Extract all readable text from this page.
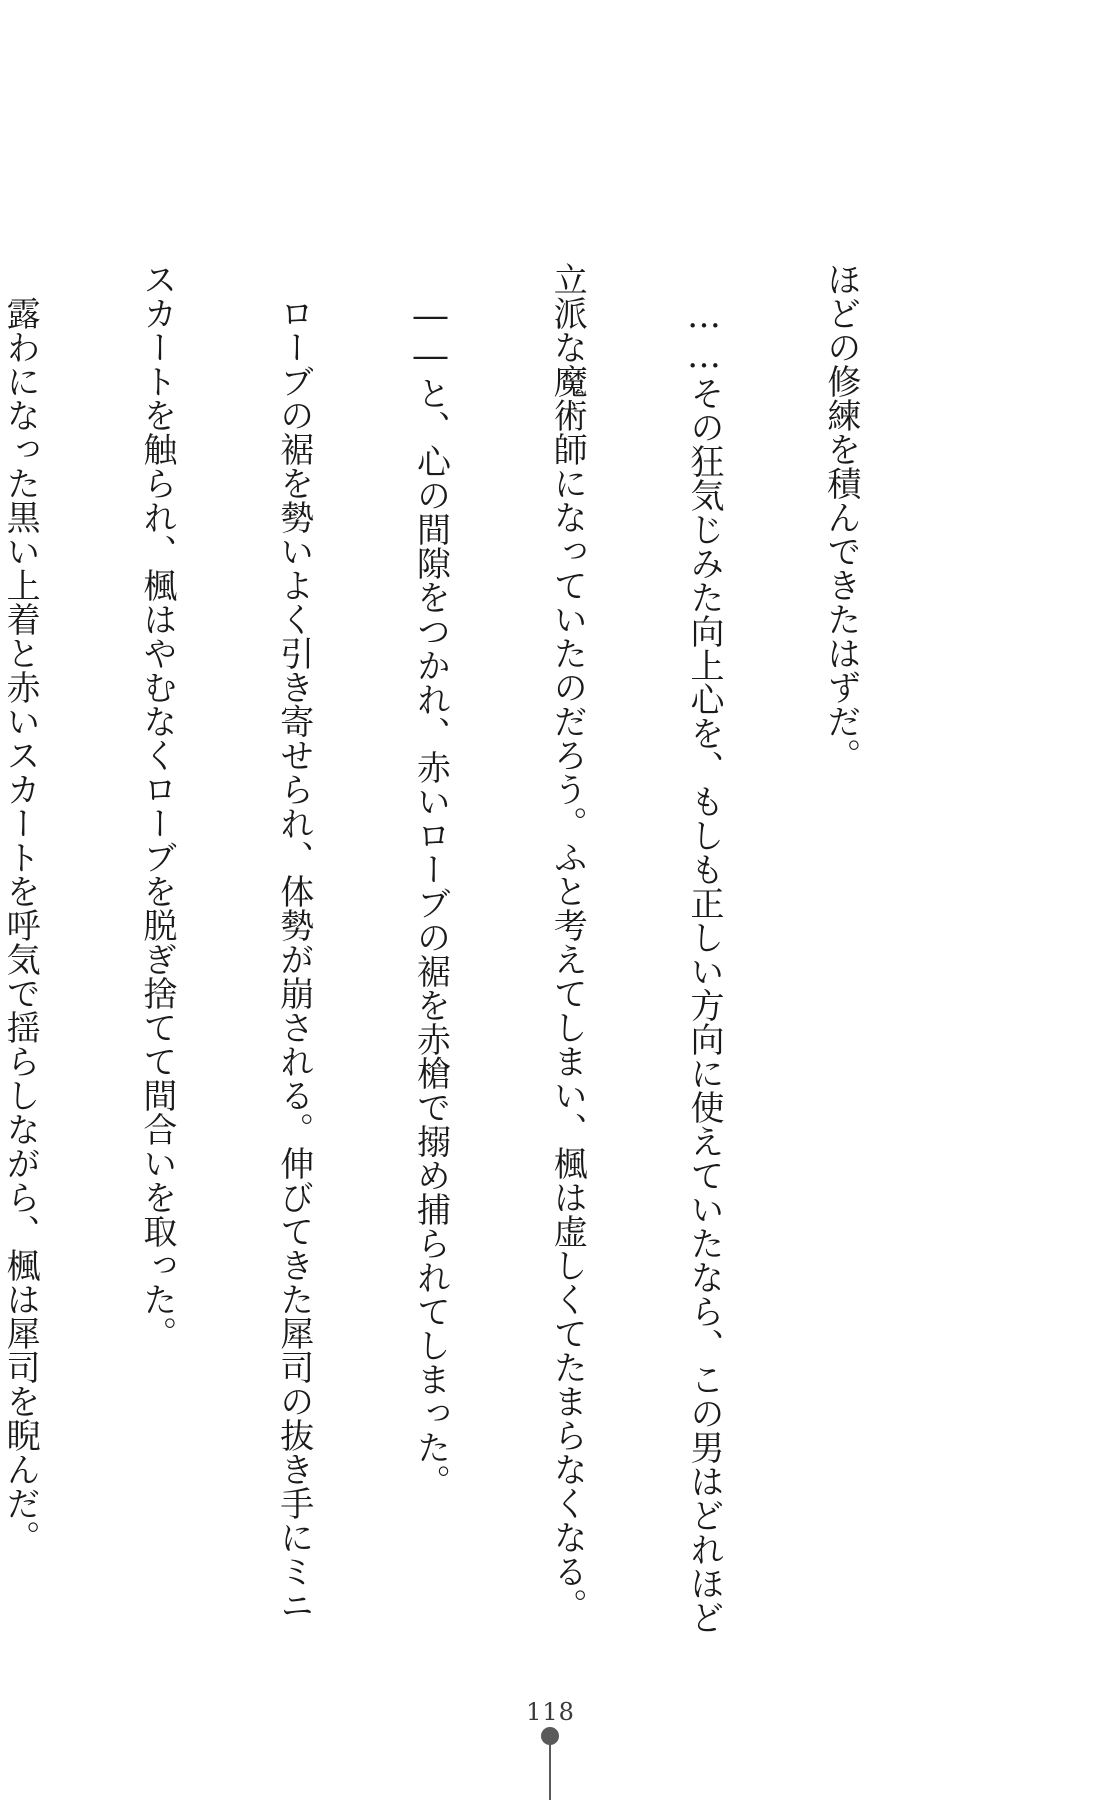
ほどの修練を積んできたはずだ。

　……その狂気じみた向上心を、もしも正しい方向に使えていたなら、この男はどれほど

立派な魔術師になっていたのだろう。ふと考えてしまい、楓は虚しくてたまらなくなる。

　――と、心の間隙をつかれ、赤いローブの裾を赤槍で搦め捕られてしまった。

　ローブの裾を勢いよく引き寄せられ、体勢が崩される。伸びてきた犀司の抜き手にミニ

スカートを触られ、楓はやむなくローブを脱ぎ捨てて間合いを取った。

　露わになった黒い上着と赤いスカートを呼気で揺らしながら、楓は犀司を睨んだ。

118
